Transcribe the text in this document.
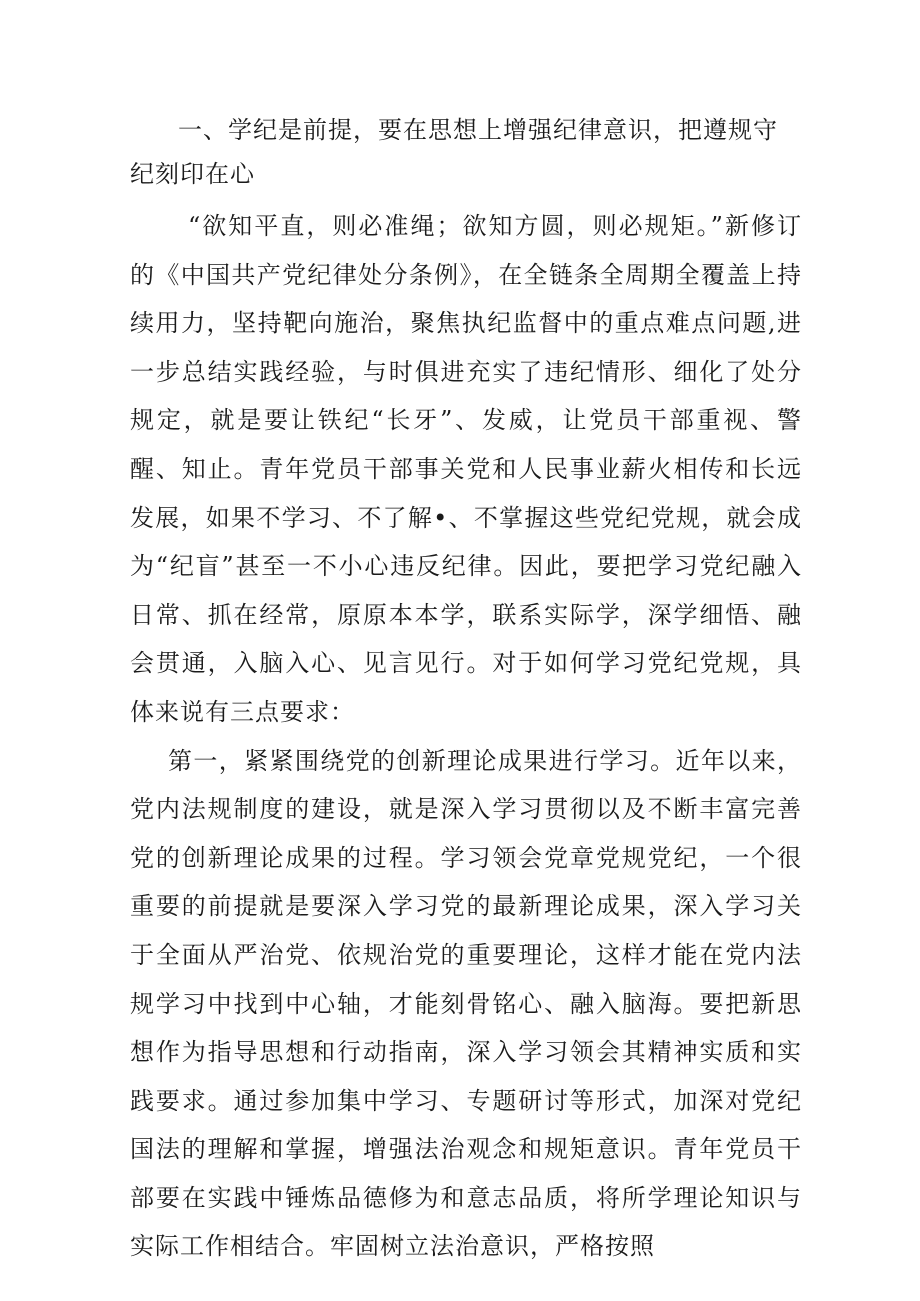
一、学纪是前提，要在思想上增强纪律意识，把遵规守纪刻印在心

“欲知平直，则必准绳；欲知方圆，则必规矩。”新修订的《中国共产党纪律处分条例》，在全链条全周期全覆盖上持续用力，坚持靶向施治，聚焦执纪监督中的重点难点问题,进一步总结实践经验，与时俱进充实了违纪情形、细化了处分规定，就是要让铁纪“长牙”、发威，让党员干部重视、警醒、知止。青年党员干部事关党和人民事业薪火相传和长远发展，如果不学习、不了解•、不掌握这些党纪党规，就会成为“纪盲”甚至一不小心违反纪律。因此，要把学习党纪融入日常、抓在经常，原原本本学，联系实际学，深学细悟、融会贯通，入脑入心、见言见行。对于如何学习党纪党规，具体来说有三点要求：

第一，紧紧围绕党的创新理论成果进行学习。近年以来，党内法规制度的建设，就是深入学习贯彻以及不断丰富完善党的创新理论成果的过程。学习领会党章党规党纪，一个很重要的前提就是要深入学习党的最新理论成果，深入学习关于全面从严治党、依规治党的重要理论，这样才能在党内法规学习中找到中心轴，才能刻骨铭心、融入脑海。要把新思想作为指导思想和行动指南，深入学习领会其精神实质和实践要求。通过参加集中学习、专题研讨等形式，加深对党纪国法的理解和掌握，增强法治观念和规矩意识。青年党员干部要在实践中锤炼品德修为和意志品质，将所学理论知识与实际工作相结合。牢固树立法治意识，严格按照
